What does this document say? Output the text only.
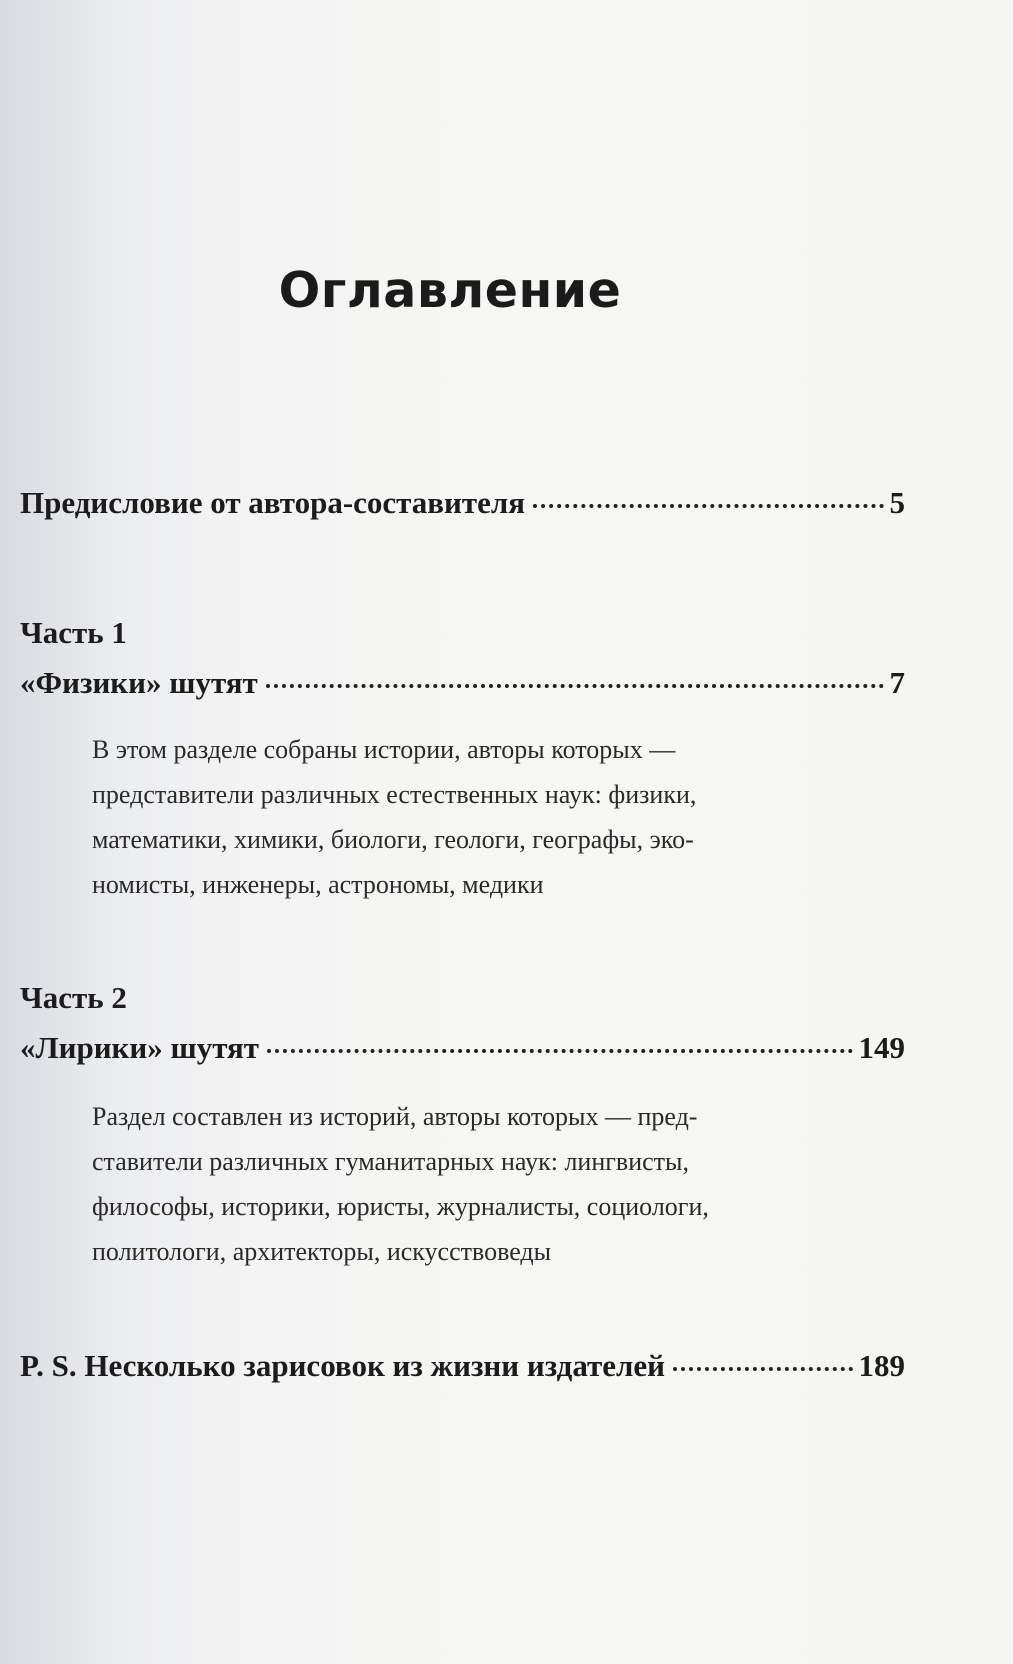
Оглавление
Предисловие от автора-составителя	5
Часть 1
«Физики» шутят	7
В этом разделе собраны истории, авторы которых —
представители различных естественных наук: физики,
математики, химики, биологи, геологи, географы, эко-
номисты, инженеры, астрономы, медики
Часть 2
«Лирики» шутят	149
Раздел составлен из историй, авторы которых — пред-
ставители различных гуманитарных наук: лингвисты,
философы, историки, юристы, журналисты, социологи,
политологи, архитекторы, искусствоведы
P. S. Несколько зарисовок из жизни издателей	189
